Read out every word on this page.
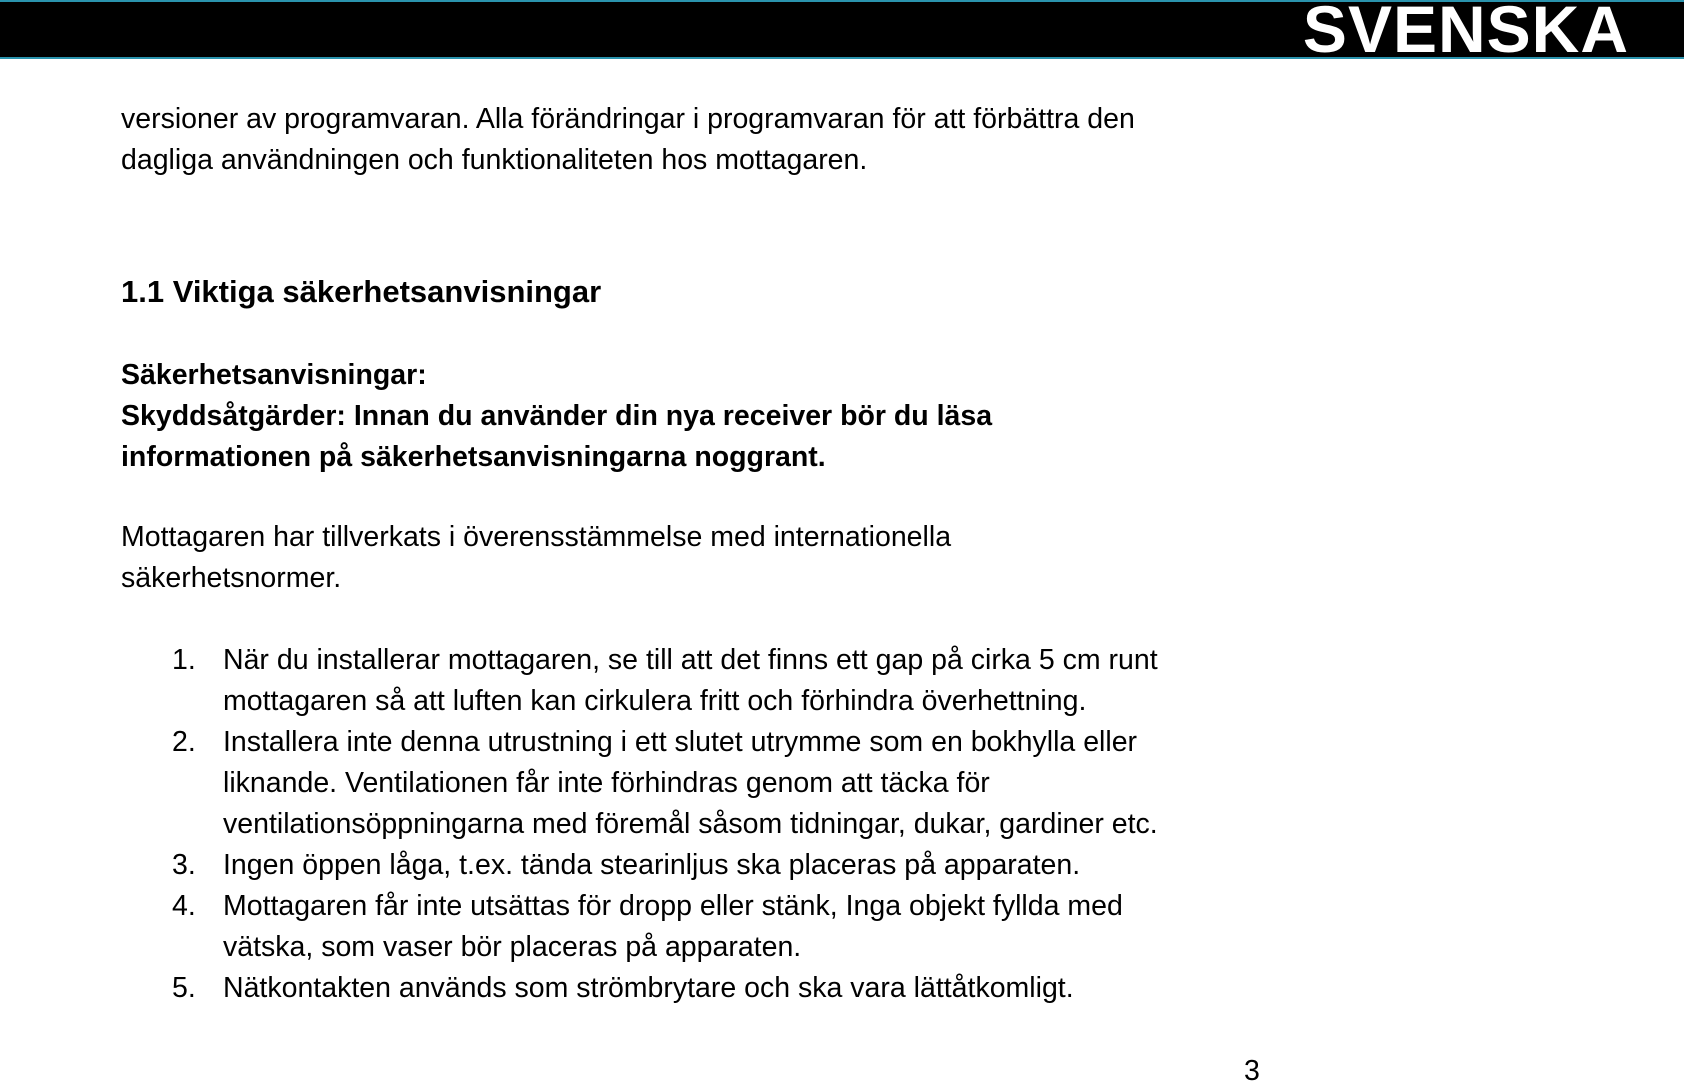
SVENSKA

versioner av programvaran. Alla förändringar i programvaran för att förbättra den

dagliga användningen och funktionaliteten hos mottagaren.

1.1 Viktiga säkerhetsanvisningar

Säkerhetsanvisningar:

Skyddsåtgärder: Innan du använder din nya receiver bör du läsa

informationen på säkerhetsanvisningarna noggrant.

Mottagaren har tillverkats i överensstämmelse med internationella

säkerhetsnormer.

1. När du installerar mottagaren, se till att det finns ett gap på cirka 5 cm runt
mottagaren så att luften kan cirkulera fritt och förhindra överhettning.
2. Installera inte denna utrustning i ett slutet utrymme som en bokhylla eller
liknande. Ventilationen får inte förhindras genom att täcka för
ventilationsöppningarna med föremål såsom tidningar, dukar, gardiner etc.
3. Ingen öppen låga, t.ex. tända stearinljus ska placeras på apparaten.
4. Mottagaren får inte utsättas för dropp eller stänk, Inga objekt fyllda med
vätska, som vaser bör placeras på apparaten.
5. Nätkontakten används som strömbrytare och ska vara lättåtkomligt.
3
